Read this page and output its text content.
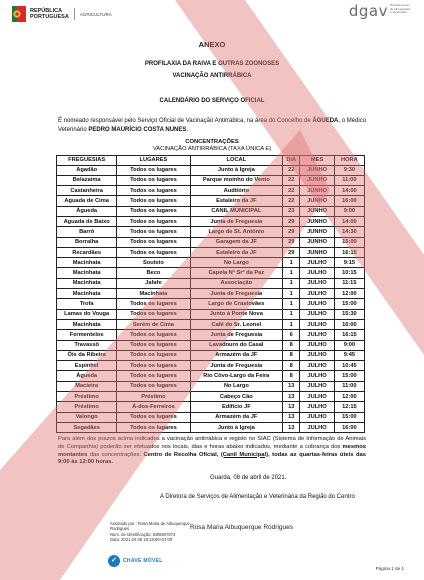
REPÚBLICA
PORTUGUESA AGRICULTURA	dgav Direção-Geral de Alimentação e Veterinária
ANEXO
PROFILAXIA DA RAIVA E OUTRAS ZOONOSES
VACINAÇÃO ANTIRRÁBICA
CALENDÁRIO DO SERVIÇO OFICIAL
É nomeado responsável pelo Serviço Oficial de Vacinação Antirrábica, na área do Concelho de ÁGUEDA, o Médico Veterinário PEDRO MAURÍCIO COSTA NUNES.
CONCENTRAÇÕES
VACINAÇÃO ANTIRRÁBICA (TAXA ÚNICA E)
FREGUESIAS	LUGARES	LOCAL	DIA	MES	HORA
Agadão	Todos os lugares	Junto à Igreja	22	JUNHO	9:30
Belazaima	Todos os lugares	Parque moinho do Vento	22	JUNHO	11:00
Castanheira	Todos os lugares	Auditório	22	JUNHO	14:00
Aguada de Cima	Todos os lugares	Estaleiro da JF	22	JUNHO	16:00
Águeda	Todos os lugares	CANIL MUNICIPAL	23	JUNHO	9:00
Aguada de Baixo	Todos os lugares	Junta de Freguesia	29	JUNHO	14:00
Barrô	Todos os lugares	Largo de St. António	29	JUNHO	14:30
Borralha	Todos os lugares	Garagem da JF	29	JUNHO	15:00
Recardães	Todos os lugares	Estaleiro da JF	29	JUNHO	16:15
Macinhata	Souteio	No Largo	1	JULHO	9:15
Macinhata	Beco	Capela Nª Srª da Paz	1	JULHO	10:15
Macinhata	Jafafe	Associação	1	JULHO	11:15
Macinhata	Macinhata	Junta de Freguesia	1	JULHO	12:00
Trofa	Todos os lugares	Largo de Crastovães	1	JULHO	15:00
Lamas do Vouga	Todos os lugares	Junto à Ponte Nova	1	JULHO	15:30
Macinhata	Serém de Cima	Café do Sr. Leonel	1	JULHO	16:00
Fermentelos	Todos os lugares	Junta de Freguesia	6	JULHO	16:15
Travassô	Todos os lugares	Lavadouro do Casal	8	JULHO	9:00
Óis da Ribeira	Todos os lugares	Armazém da JF	8	JULHO	9:45
Espinhel	Todos os lugares	Junta de Freguesia	8	JULHO	10:45
Águeda	Todos os lugares	Rio Côvo-Largo da Feira	8	JULHO	15:00
Macieira	Todos os lugares	No Largo	13	JULHO	11:00
Préstimo	Préstimo	Cabeço Cão	13	JULHO	12:00
Préstimo	Á-dos-Ferreiros	Edifício JF	13	JULHO	12:15
Valongo	Todos os lugares	Armazém da JF	13	JULHO	15:00
Segadães	Todos os lugares	Junto à Igreja	13	JULHO	16:00
Para além dos prazos acima indicados a vacinação antirrábica e registo no SIAC (Sistema de Informação de Animais de Companhia) poderão ser efetuados nos locais, dias e horas abaixo indicados, mediante a cobrança dos mesmos montantes das concentrações: Centro de Recolha Oficial, (Canil Municipal), todas as quartas-feiras úteis das 9:00 às 12:00 horas.
Guarda, 08 de abril de 2021.
A Diretora de Serviços de Alimentação e Veterinária da Região do Centro
Assinado por : Rosa Maria de Albuquerque
Rodrigues
Num. de Identificação: BI06607872
Data: 2021.04.08 18:19:50+01'00'
Rosa Maria Albuquerque Rodrigues
✓	CHAVE MÓVEL
Página 1 de 1
